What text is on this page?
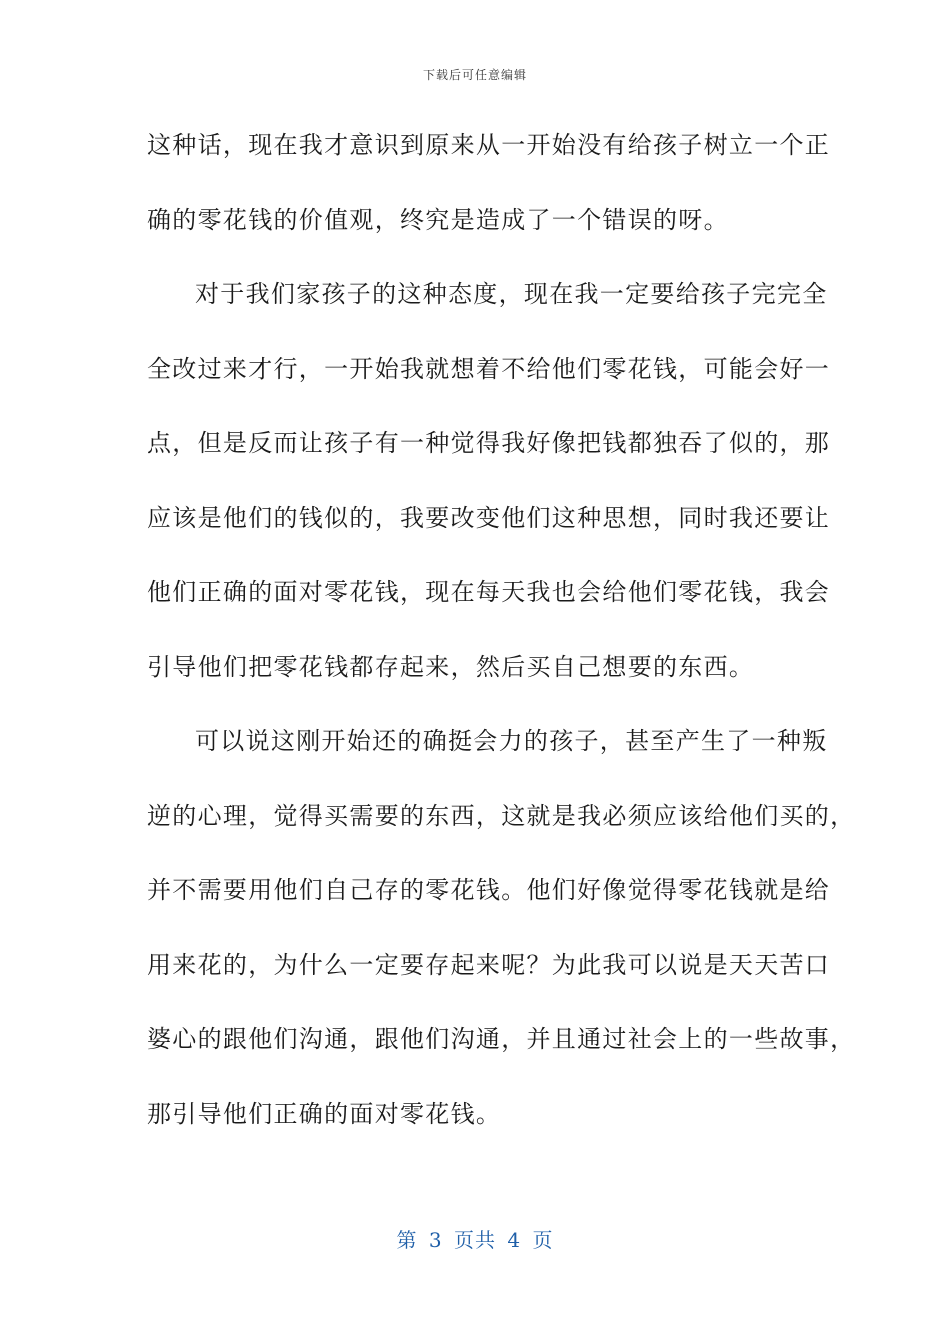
下载后可任意编辑
这种话，现在我才意识到原来从一开始没有给孩子树立一个正
确的零花钱的价值观，终究是造成了一个错误的呀。
对于我们家孩子的这种态度，现在我一定要给孩子完完全
全改过来才行，一开始我就想着不给他们零花钱，可能会好一
点，但是反而让孩子有一种觉得我好像把钱都独吞了似的，那
应该是他们的钱似的，我要改变他们这种思想，同时我还要让
他们正确的面对零花钱，现在每天我也会给他们零花钱，我会
引导他们把零花钱都存起来，然后买自己想要的东西。
可以说这刚开始还的确挺会力的孩子，甚至产生了一种叛
逆的心理，觉得买需要的东西，这就是我必须应该给他们买的，
并不需要用他们自己存的零花钱。他们好像觉得零花钱就是给
用来花的，为什么一定要存起来呢？为此我可以说是天天苦口
婆心的跟他们沟通，跟他们沟通，并且通过社会上的一些故事，
那引导他们正确的面对零花钱。
第 3 页共 4 页
